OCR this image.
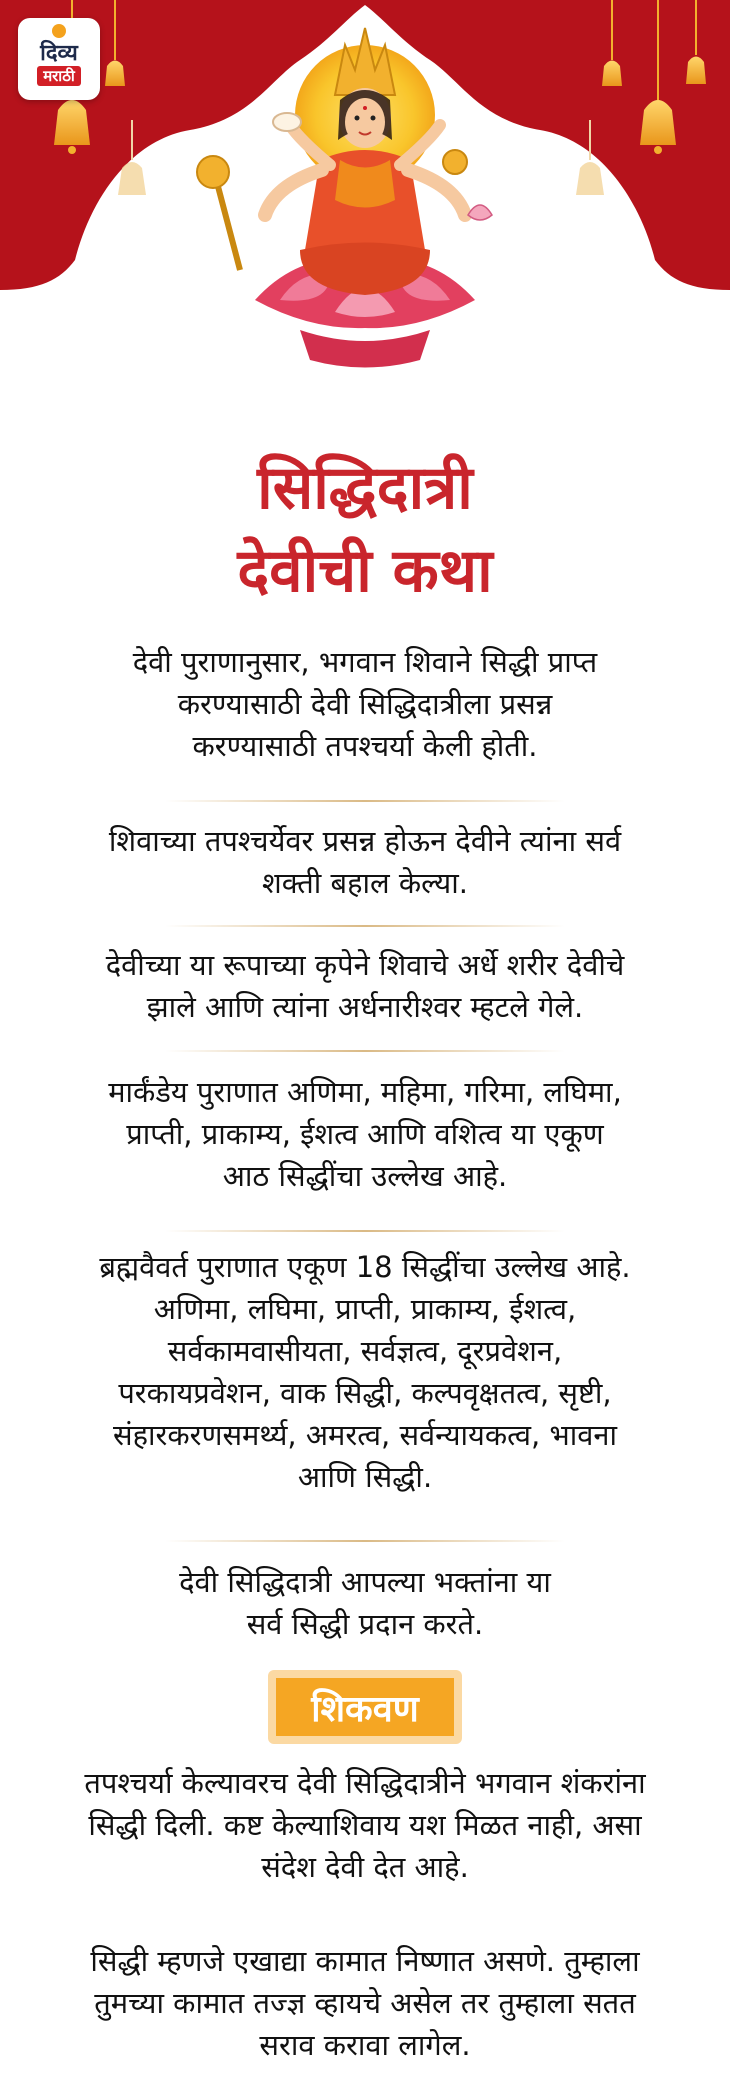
दिव्य
मराठी
सिद्धिदात्री
देवीची कथा
देवी पुराणानुसार, भगवान शिवाने सिद्धी प्राप्त
करण्यासाठी देवी सिद्धिदात्रीला प्रसन्न
करण्यासाठी तपश्चर्या केली होती.
शिवाच्या तपश्चर्येवर प्रसन्न होऊन देवीने त्यांना सर्व
शक्ती बहाल केल्या.
देवीच्या या रूपाच्या कृपेने शिवाचे अर्धे शरीर देवीचे
झाले आणि त्यांना अर्धनारीश्वर म्हटले गेले.
मार्कंडेय पुराणात अणिमा, महिमा, गरिमा, लघिमा,
प्राप्ती, प्राकाम्य, ईशत्व आणि वशित्व या एकूण
आठ सिद्धींचा उल्लेख आहे.
ब्रह्मवैवर्त पुराणात एकूण 18 सिद्धींचा उल्लेख आहे.
अणिमा, लघिमा, प्राप्ती, प्राकाम्य, ईशत्व,
सर्वकामवासीयता, सर्वज्ञत्व, दूरप्रवेशन,
परकायप्रवेशन, वाक सिद्धी, कल्पवृक्षतत्व, सृष्टी,
संहारकरणसमर्थ्य, अमरत्व, सर्वन्यायकत्व, भावना
आणि सिद्धी.
देवी सिद्धिदात्री आपल्या भक्तांना या
सर्व सिद्धी प्रदान करते.
शिकवण
तपश्चर्या केल्यावरच देवी सिद्धिदात्रीने भगवान शंकरांना
सिद्धी दिली. कष्ट केल्याशिवाय यश मिळत नाही, असा
संदेश देवी देत आहे.
सिद्धी म्हणजे एखाद्या कामात निष्णात असणे. तुम्हाला
तुमच्या कामात तज्ज्ञ व्हायचे असेल तर तुम्हाला सतत
सराव करावा लागेल.
